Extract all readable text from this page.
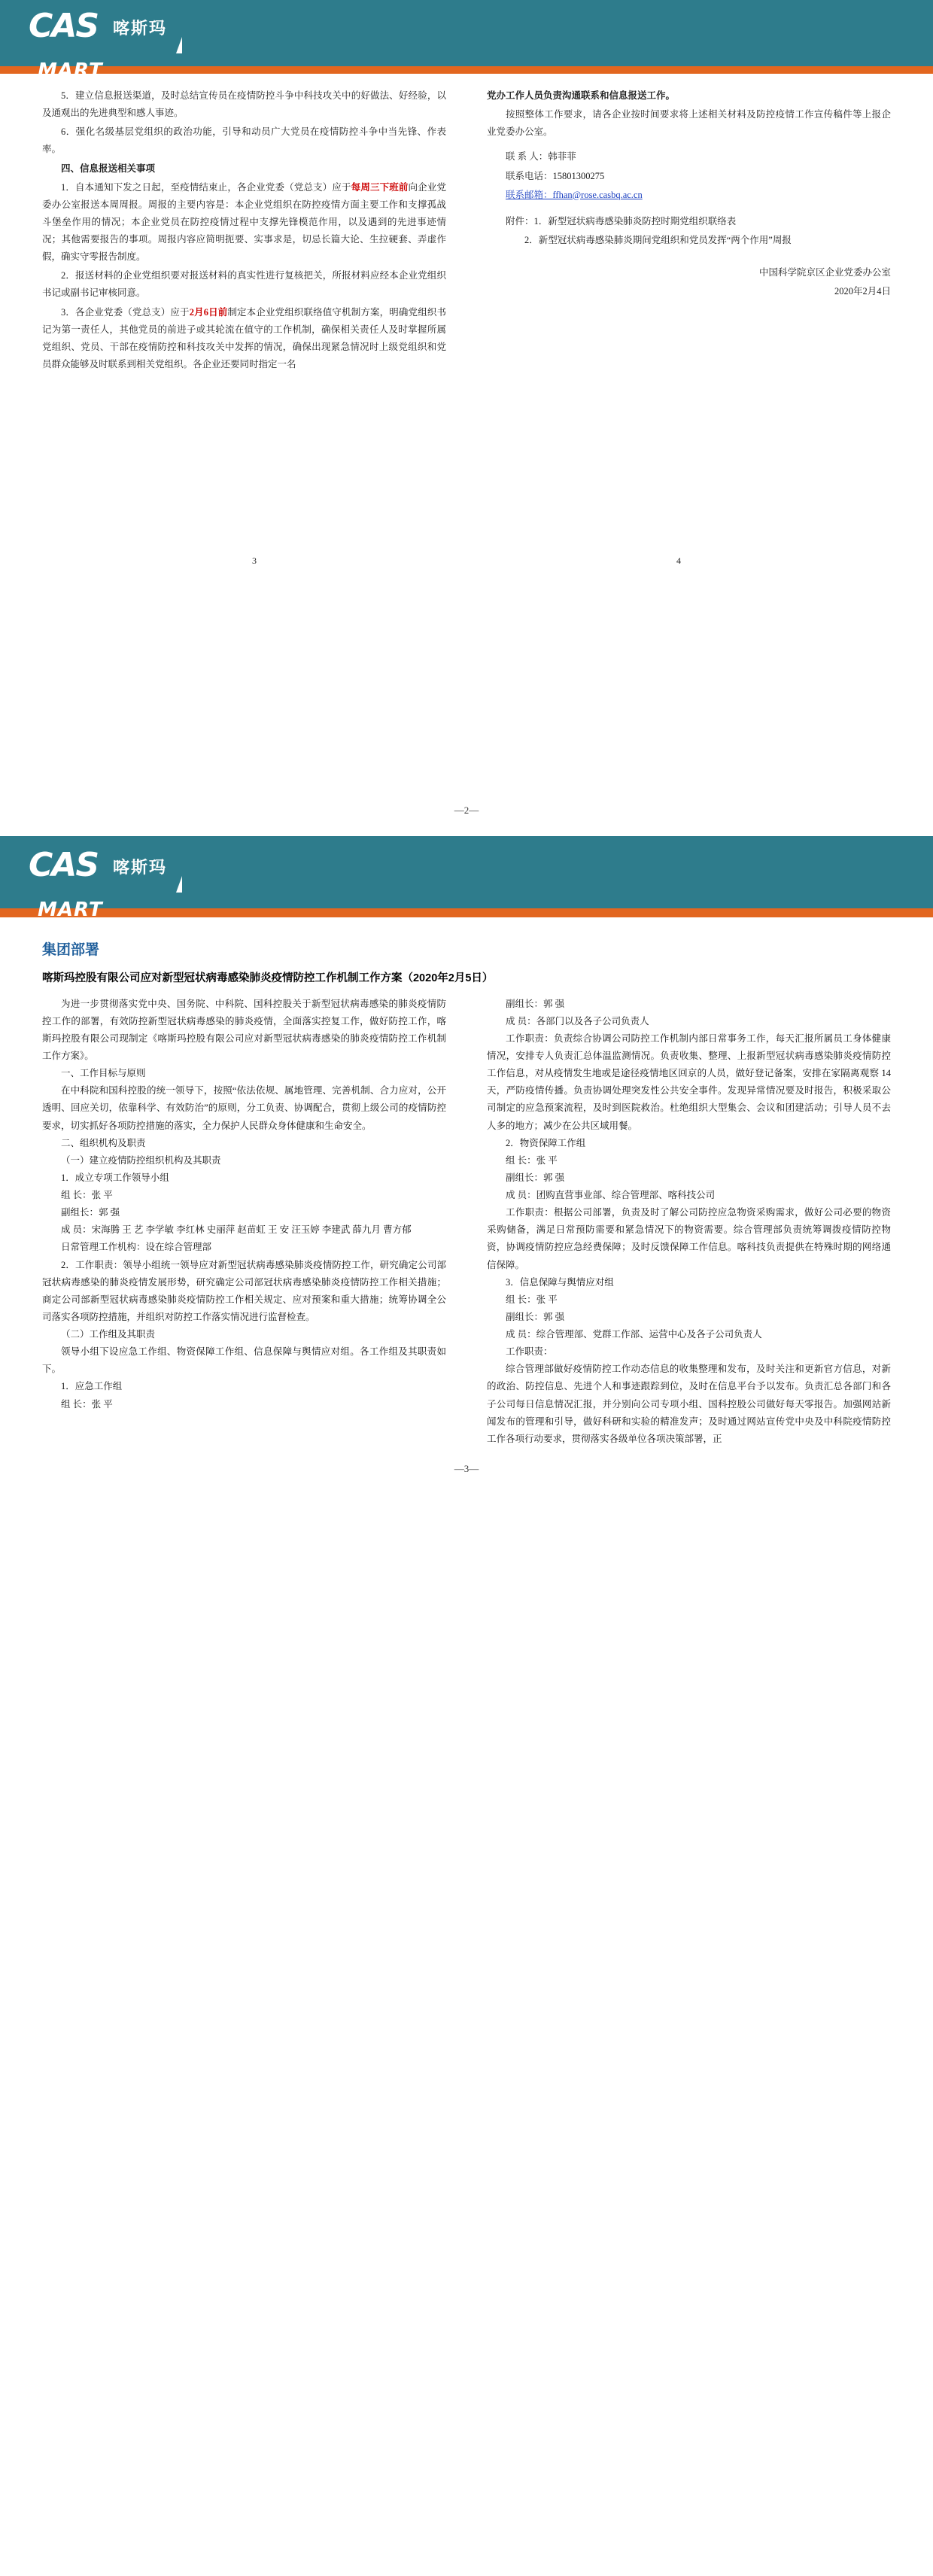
CAS 喀斯玛
MART

5．建立信息报送渠道，及时总结宣传员在疫情防控斗争中科技攻关中的好做法、好经验，以及通观出的先进典型和感人事迹。

6．强化名级基层党组织的政治功能，引导和动员广大党员在疫情防控斗争中当先锋、作表率。

四、信息报送相关事项

1．自本通知下发之日起，至疫情结束止，各企业党委（党总支）应于每周三下班前向企业党委办公室报送本周周报。周报的主要内容是：本企业党组织在防控疫情方面主要工作和支撑孤战斗堡垒作用的情况；本企业党员在防控疫情过程中支撑先锋模范作用，以及遇到的先进事迹情况；其他需要报告的事项。周报内容应简明扼要、实事求是，切忌长篇大论、生拉硬套、弄虚作假，确实守零报告制度。

2．报送材料的企业党组织要对报送材料的真实性进行复核把关，所报材料应经本企业党组织书记或副书记审核同意。

3．各企业党委（党总支）应于2月6日前制定本企业党组织联络值守机制方案，明确党组织书记为第一责任人，其他党员的前进子或其轮流在值守的工作机制，确保相关责任人及时掌握所属党组织、党员、干部在疫情防控和科技攻关中发挥的情况，确保出现紧急情况时上级党组织和党员群众能够及时联系到相关党组织。各企业还要同时指定一名

党办工作人员负责沟通联系和信息报送工作。

按照整体工作要求，请各企业按时间要求将上述相关材料及防控疫情工作宣传稿件等上报企业党委办公室。

联 系 人：韩菲菲

联系电话：15801300275

联系邮箱：ffhan@rose.casbq.ac.cn

附件：1．新型冠状病毒感染肺炎防控时期党组织联络表

2．新型冠状病毒感染肺炎期间党组织和党员发挥“两个作用”周报

中国科学院京区企业党委办公室

2020年2月4日

3	4
—2—
CAS 喀斯玛
MART
集团部署
喀斯玛控股有限公司应对新型冠状病毒感染肺炎疫情防控工作机制工作方案（2020年2月5日）

为进一步贯彻落实党中央、国务院、中科院、国科控股关于新型冠状病毒感染的肺炎疫情防控工作的部署，有效防控新型冠状病毒感染的肺炎疫情，全面落实控复工作，做好防控工作，喀斯玛控股有限公司现制定《喀斯玛控股有限公司应对新型冠状病毒感染的肺炎疫情防控工作机制工作方案》。

一、工作目标与原则

在中科院和国科控股的统一领导下，按照“依法依规、属地管理、完善机制、合力应对，公开透明、回应关切，依靠科学、有效防治”的原则，分工负责、协调配合，贯彻上级公司的疫情防控要求，切实抓好各项防控措施的落实，全力保护人民群众身体健康和生命安全。

二、组织机构及职责

（一）建立疫情防控组织机构及其职责

1．成立专项工作领导小组

组 长：张 平

副组长：郭 强

成 员：宋海腾 王 艺 李学敏 李红林 史丽萍 赵苗虹 王 安 汪玉婷 李建武 薛九月 曹方郁

日常管理工作机构：设在综合管理部

2．工作职责：领导小组统一领导应对新型冠状病毒感染肺炎疫情防控工作，研究确定公司部冠状病毒感染的肺炎疫情发展形势，研究确定公司部冠状病毒感染肺炎疫情防控工作相关措施；商定公司部新型冠状病毒感染肺炎疫情防控工作相关规定、应对预案和重大措施；统筹协调全公司落实各项防控措施，并组织对防控工作落实情况进行监督检查。

（二）工作组及其职责

领导小组下设应急工作组、物资保障工作组、信息保障与舆情应对组。各工作组及其职责如下。

1．应急工作组

组 长：张 平

副组长：郭 强

成 员：各部门以及各子公司负责人

工作职责：负责综合协调公司防控工作机制内部日常事务工作，每天汇报所属员工身体健康情况，安排专人负责汇总体温监测情况。负责收集、整理、上报新型冠状病毒感染肺炎疫情防控工作信息，对从疫情发生地或是途径疫情地区回京的人员，做好登记备案，安排在家隔离观察 14 天，严防疫情传播。负责协调处理突发性公共安全事件。发现异常情况要及时报告，积极采取公司制定的应急预案流程，及时到医院救治。杜绝组织大型集会、会议和团建活动；引导人员不去人多的地方；减少在公共区域用餐。

2．物资保障工作组

组 长：张 平

副组长：郭 强

成 员：团购直营事业部、综合管理部、喀科技公司

工作职责：根据公司部署，负责及时了解公司防控应急物资采购需求，做好公司必要的物资采购储备，满足日常预防需要和紧急情况下的物资需要。综合管理部负责统筹调拨疫情防控物资，协调疫情防控应急经费保障；及时反馈保障工作信息。喀科技负责提供在特殊时期的网络通信保障。

3．信息保障与舆情应对组

组 长：张 平

副组长：郭 强

成 员：综合管理部、党群工作部、运营中心及各子公司负责人

工作职责：

综合管理部做好疫情防控工作动态信息的收集整理和发布，及时关注和更新官方信息，对新的政治、防控信息、先进个人和事迹跟踪到位，及时在信息平台予以发布。负责汇总各部门和各子公司每日信息情况汇报，并分别向公司专项小组、国科控股公司做好每天零报告。加强网站新闻发布的管理和引导，做好科研和实验的精准发声；及时通过网站宣传党中央及中科院疫情防控工作各项行动要求，贯彻落实各级单位各项决策部署，正

—3—
